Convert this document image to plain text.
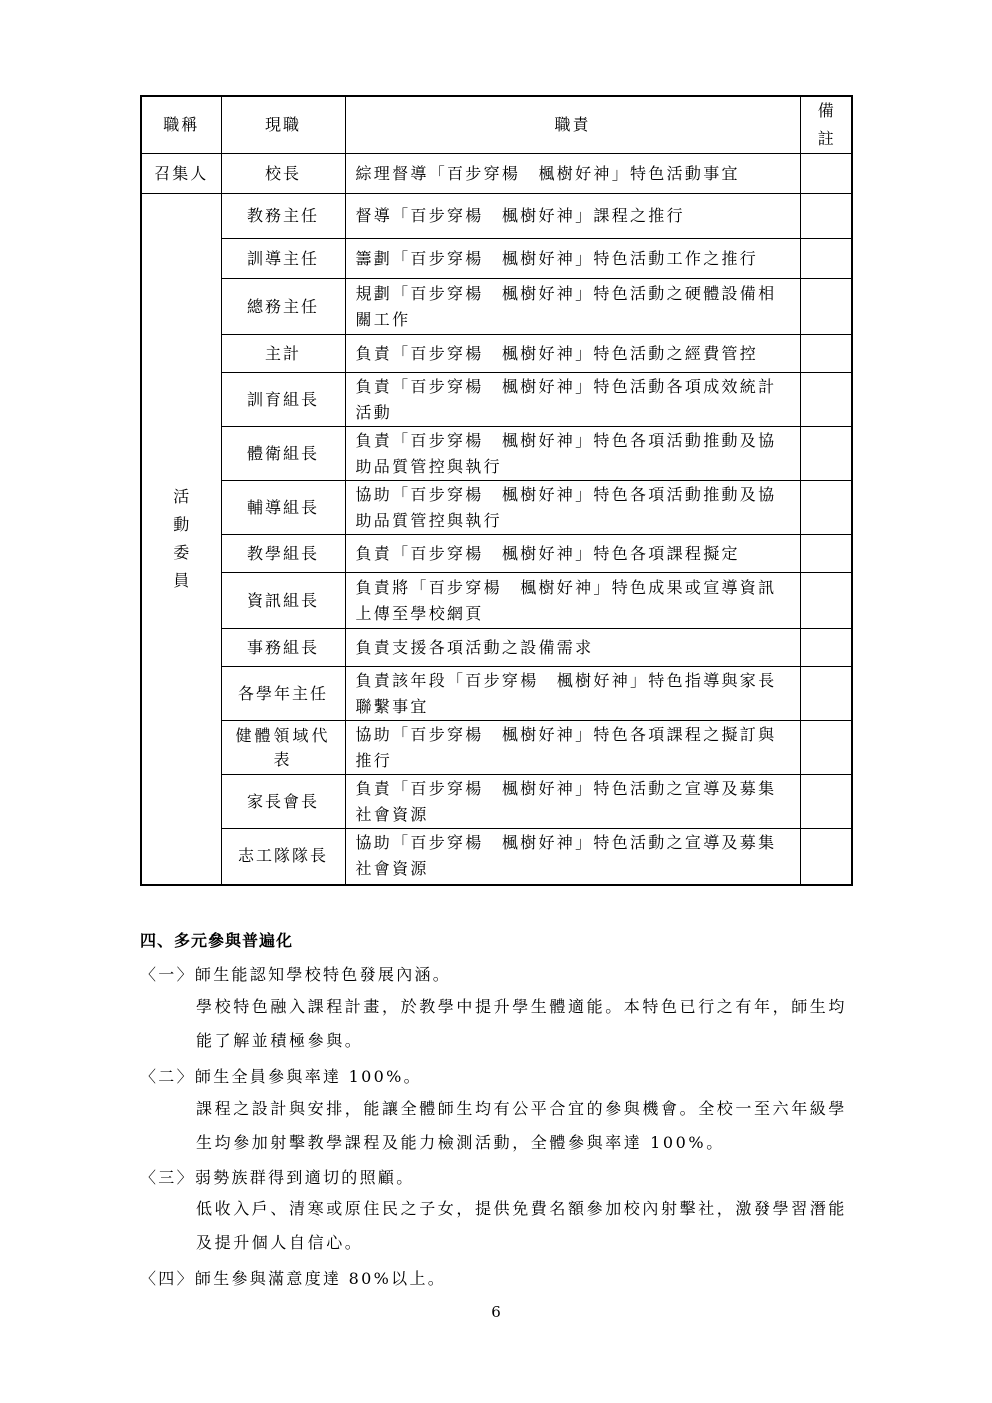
職稱	現職	職責	備註

召集人	校長	綜理督導「百步穿楊　楓樹好神」特色活動事宜	

活動委員	教務主任	督導「百步穿楊　楓樹好神」課程之推行	
	訓導主任	籌劃「百步穿楊　楓樹好神」特色活動工作之推行	
	總務主任	規劃「百步穿楊　楓樹好神」特色活動之硬體設備相關工作	
	主計	負責「百步穿楊　楓樹好神」特色活動之經費管控	
	訓育組長	負責「百步穿楊　楓樹好神」特色活動各項成效統計活動	
	體衛組長	負責「百步穿楊　楓樹好神」特色各項活動推動及協助品質管控與執行	
	輔導組長	協助「百步穿楊　楓樹好神」特色各項活動推動及協助品質管控與執行	
	教學組長	負責「百步穿楊　楓樹好神」特色各項課程擬定	
	資訊組長	負責將「百步穿楊　楓樹好神」特色成果或宣導資訊上傳至學校網頁	
	事務組長	負責支援各項活動之設備需求	
	各學年主任	負責該年段「百步穿楊　楓樹好神」特色指導與家長聯繫事宜	
	健體領域代表	協助「百步穿楊　楓樹好神」特色各項課程之擬訂與推行	
	家長會長	負責「百步穿楊　楓樹好神」特色活動之宣導及募集社會資源	
	志工隊隊長	協助「百步穿楊　楓樹好神」特色活動之宣導及募集社會資源	
四、多元參與普遍化
〈一〉師生能認知學校特色發展內涵。
學校特色融入課程計畫，於教學中提升學生體適能。本特色已行之有年，師生均
能了解並積極參與。
〈二〉師生全員參與率達 100%。
課程之設計與安排，能讓全體師生均有公平合宜的參與機會。全校一至六年級學
生均參加射擊教學課程及能力檢測活動，全體參與率達 100%。
〈三〉弱勢族群得到適切的照顧。
低收入戶、清寒或原住民之子女，提供免費名額參加校內射擊社，激發學習潛能
及提升個人自信心。
〈四〉師生參與滿意度達 80%以上。
6
